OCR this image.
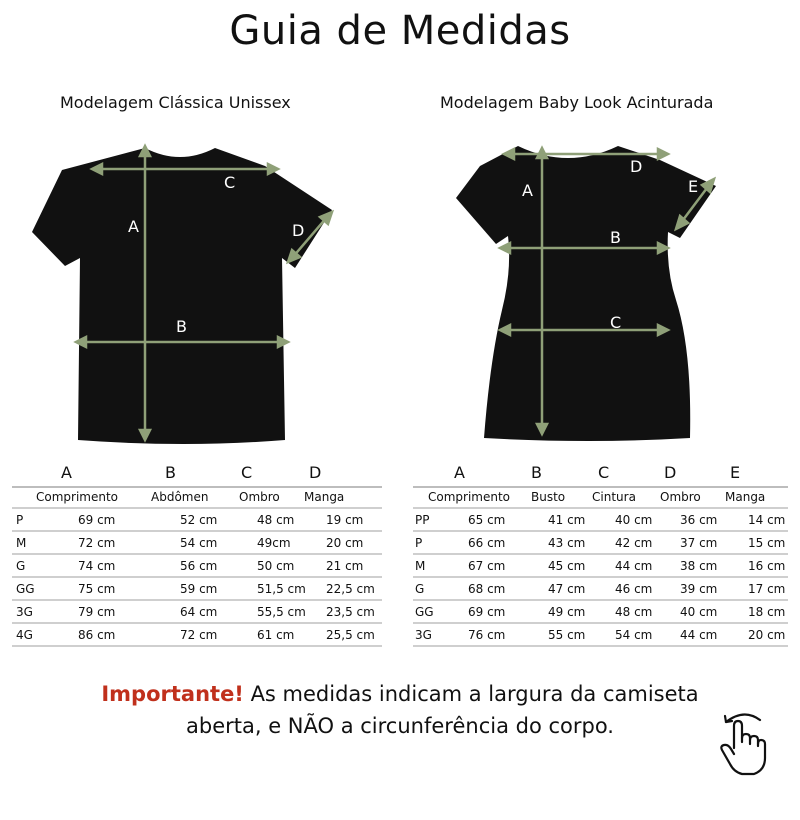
Guia de Medidas
Modelagem Clássica Unissex	Modelagem Baby Look Acinturada
A
B
C
D
A
B
C
D
E
A	B	C	D
Comprimento	Abdômen	Ombro Manga
P	69 cm	52 cm	48 cm	19 cm
M	72 cm	54 cm	49cm	20 cm
G	74 cm	56 cm	50 cm	21 cm
GG	75 cm	59 cm	51,5 cm 22,5 cm
3G	79 cm	64 cm	55,5 cm 23,5 cm
4G	86 cm	72 cm	61 cm	25,5 cm
A	B	C	D	E
Comprimento Busto Cintura Ombro Manga
PP	65 cm	41 cm 40 cm 36 cm	14 cm
P	66 cm	43 cm 42 cm 37 cm	15 cm
M	67 cm	45 cm 44 cm 38 cm	16 cm
G	68 cm	47 cm 46 cm 39 cm	17 cm
GG	69 cm	49 cm 48 cm 40 cm	18 cm
3G	76 cm	55 cm 54 cm 44 cm	20 cm
Importante! As medidas indicam a largura da camiseta
aberta, e NÃO a circunferência do corpo.
